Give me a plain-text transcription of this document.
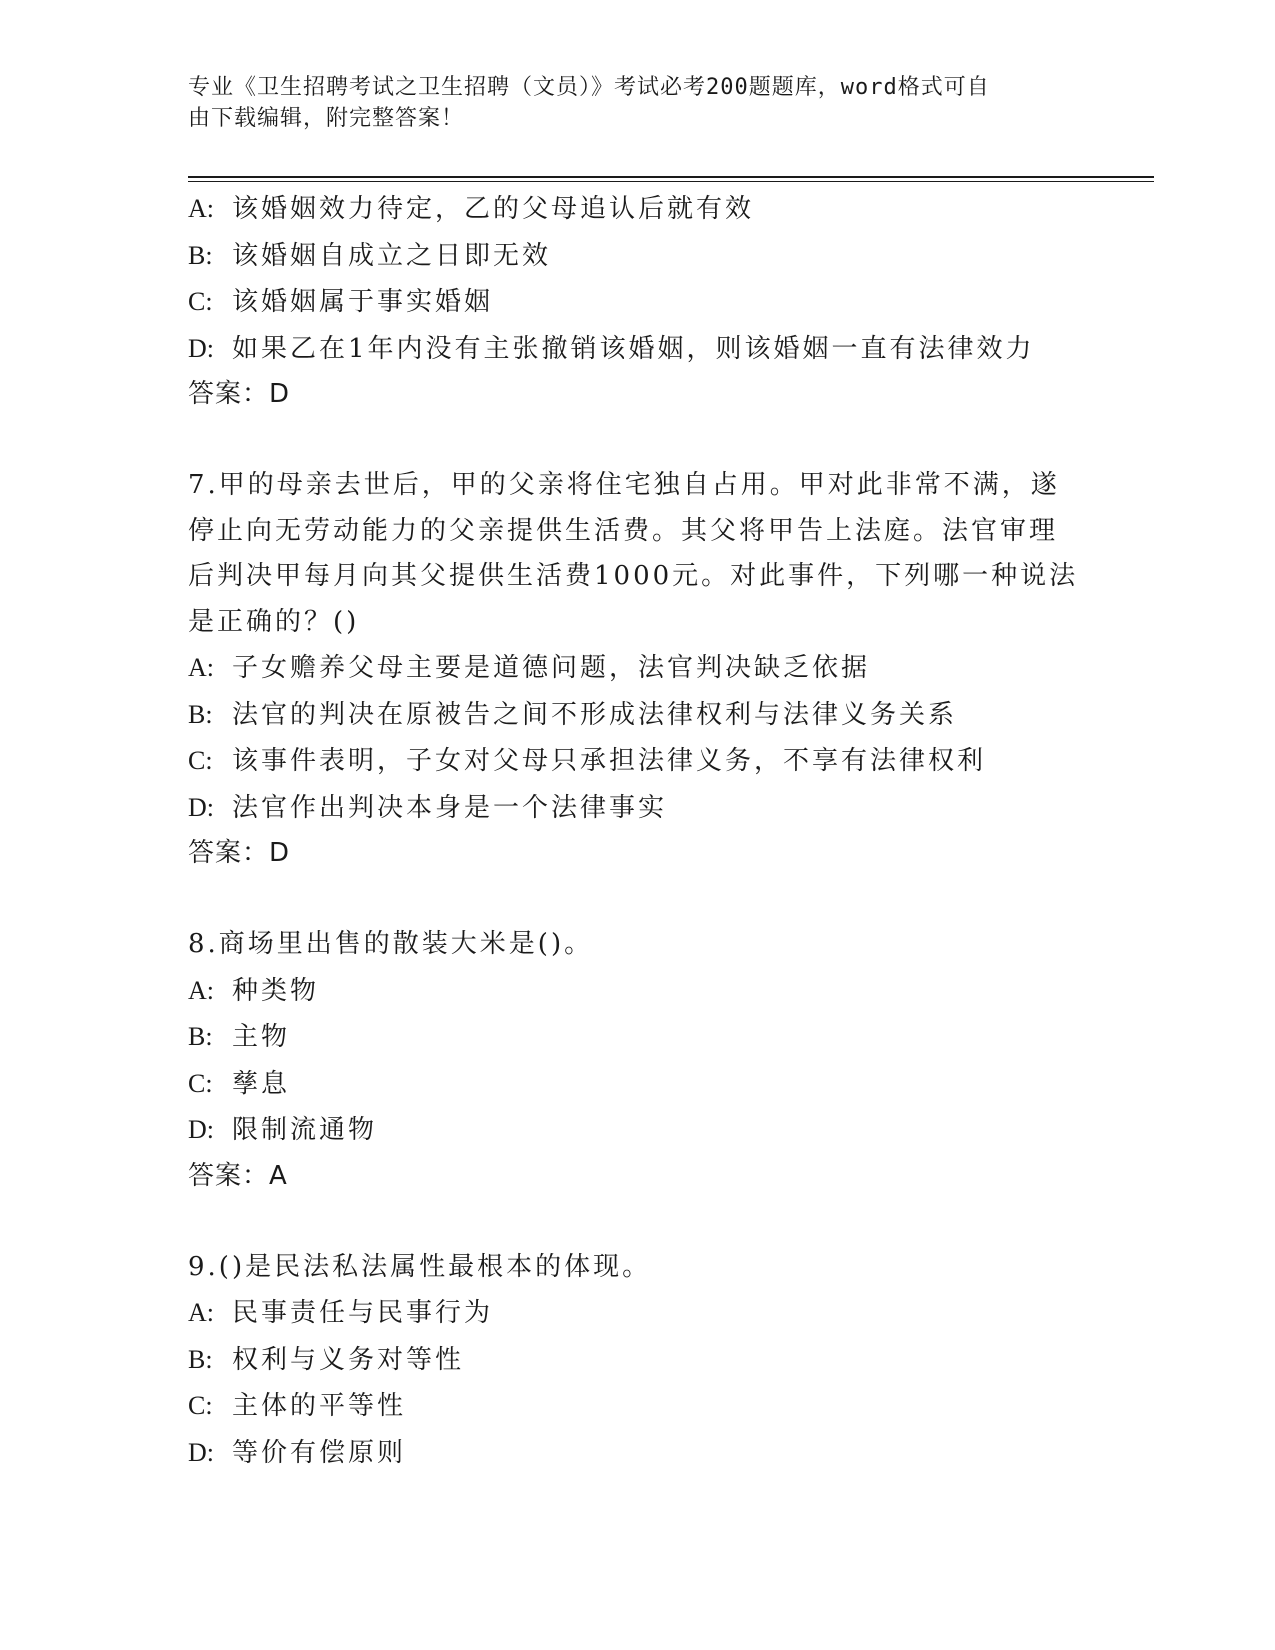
专业《卫生招聘考试之卫生招聘（文员）》考试必考200题题库，word格式可自
由下载编辑，附完整答案！
A: 该婚姻效力待定，乙的父母追认后就有效
B: 该婚姻自成立之日即无效
C: 该婚姻属于事实婚姻
D: 如果乙在1年内没有主张撤销该婚姻，则该婚姻一直有法律效力
答案：D
7.甲的母亲去世后，甲的父亲将住宅独自占用。甲对此非常不满，遂
停止向无劳动能力的父亲提供生活费。其父将甲告上法庭。法官审理
后判决甲每月向其父提供生活费1000元。对此事件，下列哪一种说法
是正确的？()
A: 子女赡养父母主要是道德问题，法官判决缺乏依据
B: 法官的判决在原被告之间不形成法律权利与法律义务关系
C: 该事件表明，子女对父母只承担法律义务，不享有法律权利
D: 法官作出判决本身是一个法律事实
答案：D
8.商场里出售的散装大米是()。
A: 种类物
B: 主物
C: 孳息
D: 限制流通物
答案：A
9.()是民法私法属性最根本的体现。
A: 民事责任与民事行为
B: 权利与义务对等性
C: 主体的平等性
D: 等价有偿原则
